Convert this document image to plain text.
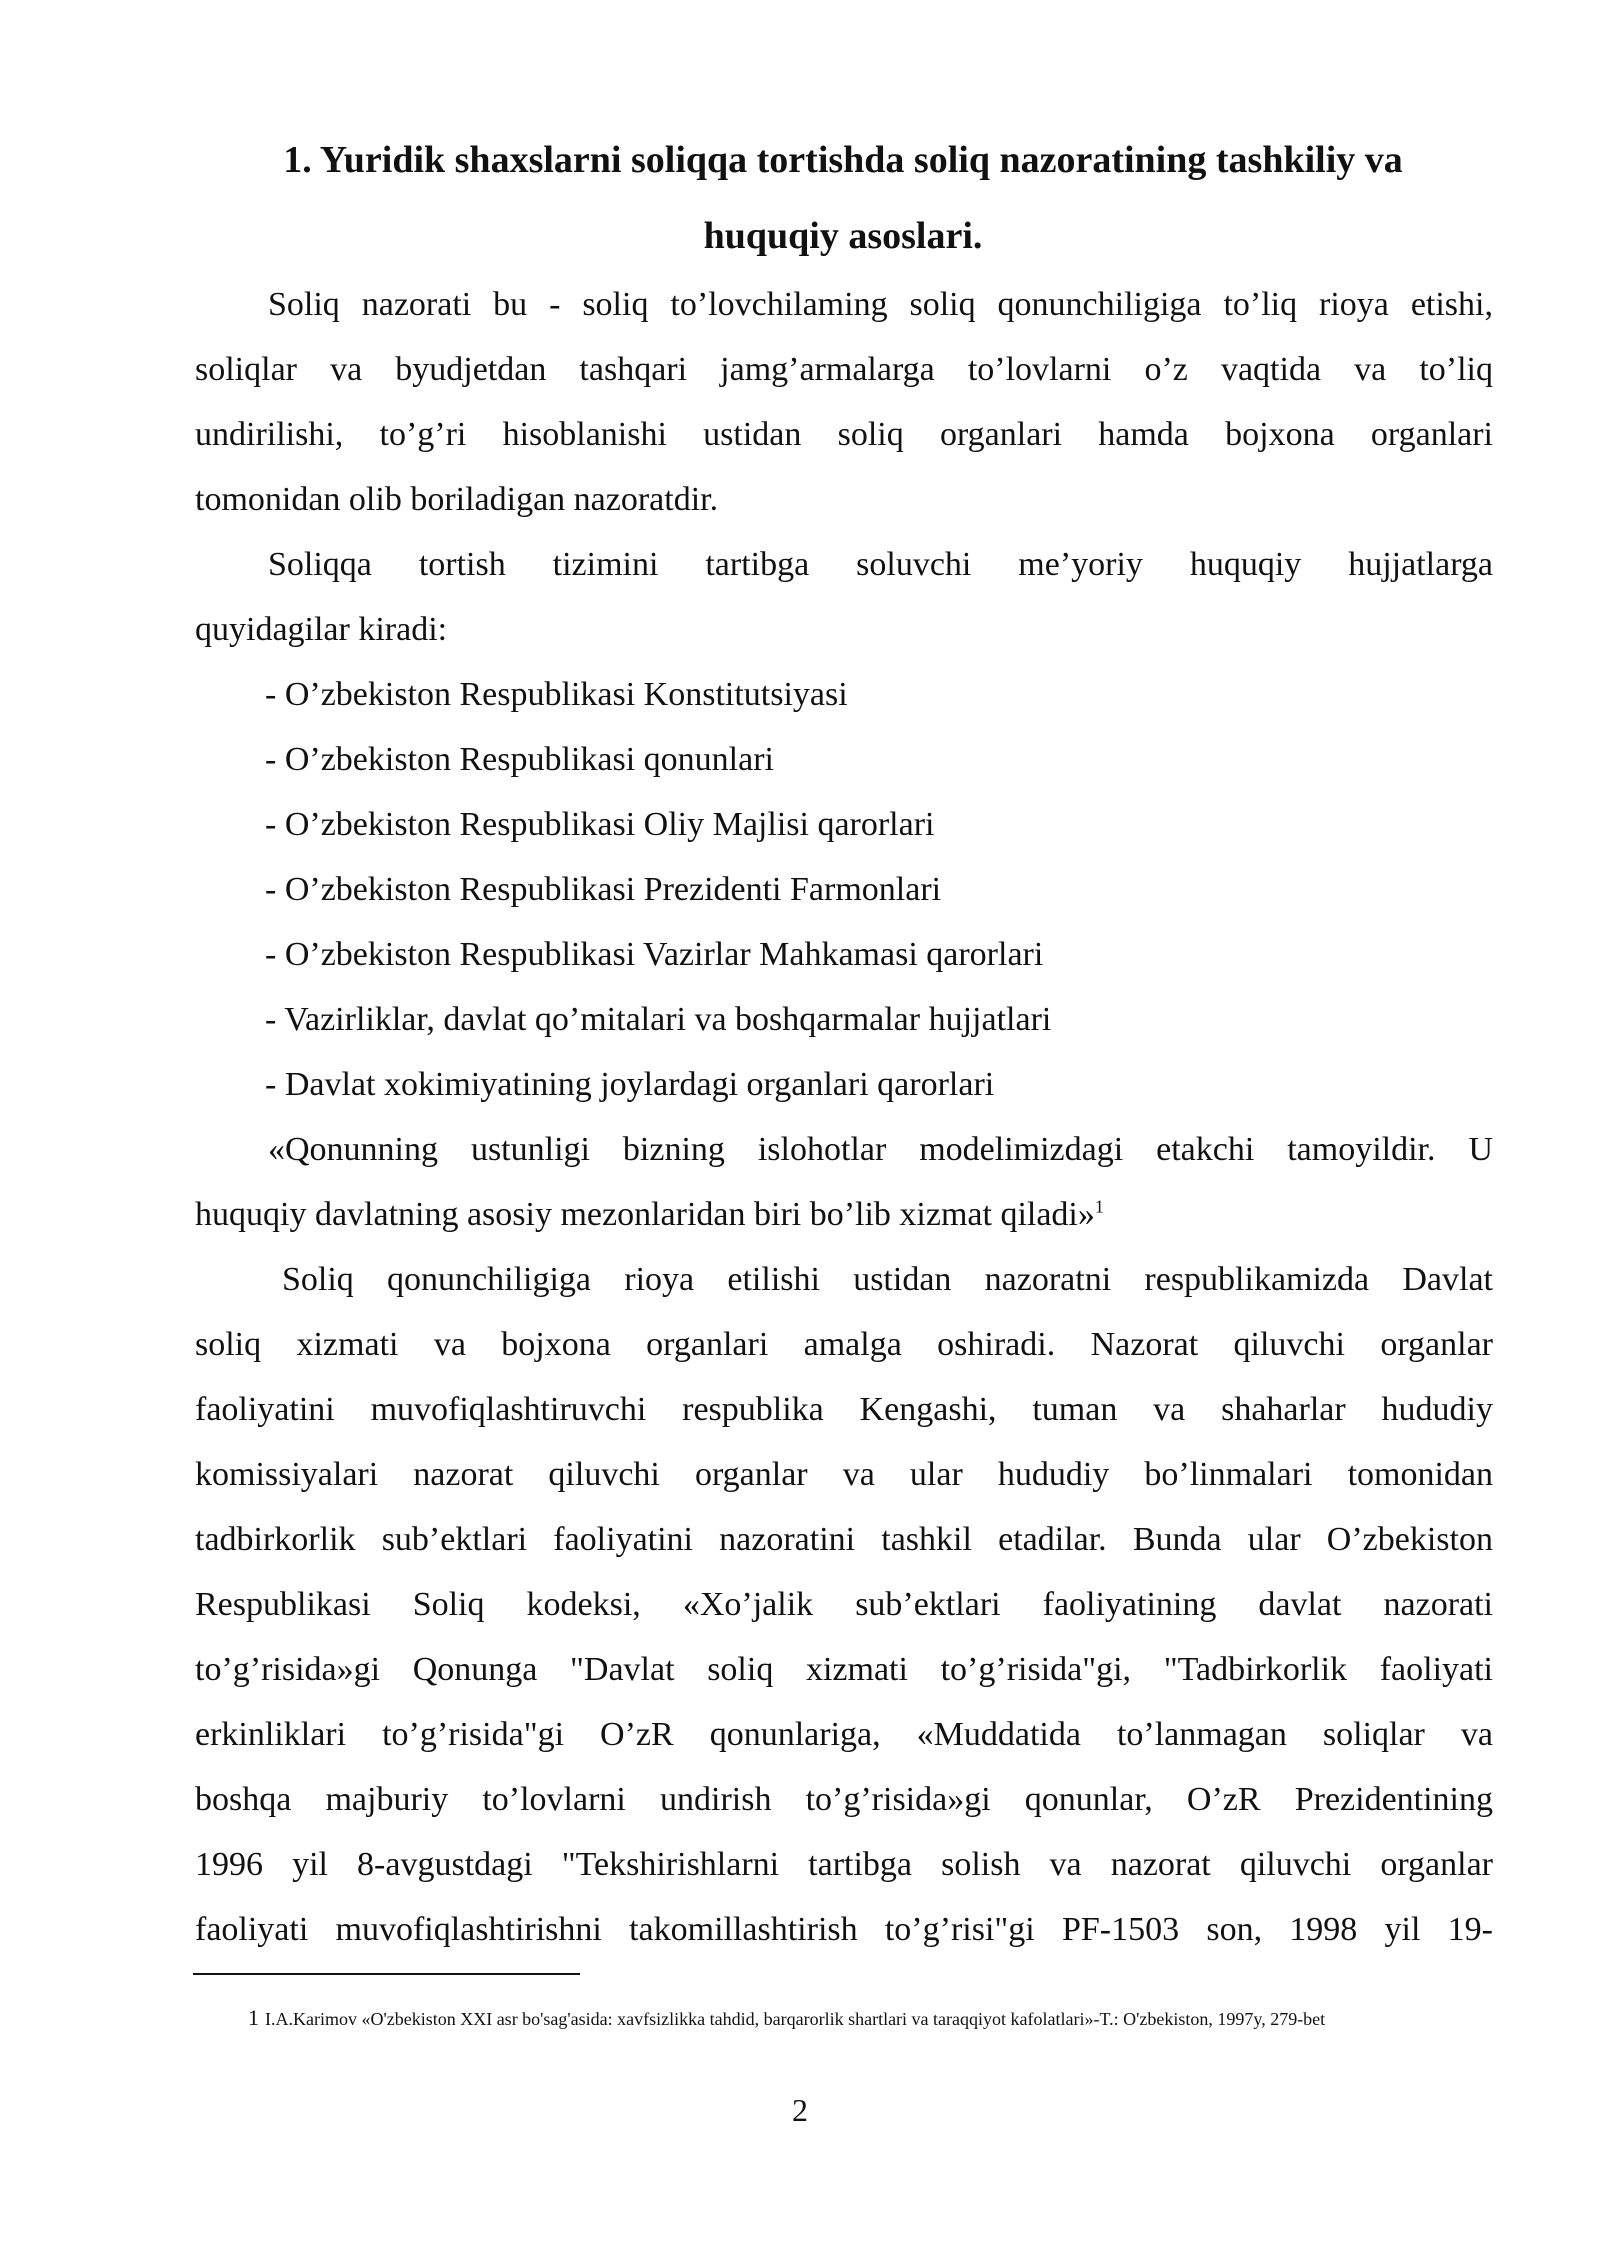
1. Yuridik shaxslarni soliqqa tortishda soliq nazoratining tashkiliy va
huquqiy asoslari.

Soliq nazorati bu - soliq to’lovchilaming soliq qonunchiligiga to’liq rioya etishi,

soliqlar va byudjetdan tashqari jamg’armalarga to’lovlarni o’z vaqtida va to’liq

undirilishi, to’g’ri hisoblanishi ustidan soliq organlari hamda bojxona organlari

tomonidan olib boriladigan nazoratdir.

Soliqqa tortish tizimini tartibga soluvchi me’yoriy huquqiy hujjatlarga

quyidagilar kiradi:

- O’zbekiston Respublikasi Konstitutsiyasi

- O’zbekiston Respublikasi qonunlari

- O’zbekiston Respublikasi Oliy Majlisi qarorlari

- O’zbekiston Respublikasi Prezidenti Farmonlari

- O’zbekiston Respublikasi Vazirlar Mahkamasi qarorlari

- Vazirliklar, davlat qo’mitalari va boshqarmalar hujjatlari

- Davlat xokimiyatining joylardagi organlari qarorlari

«Qonunning ustunligi bizning islohotlar modelimizdagi etakchi tamoyildir. U

huquqiy davlatning asosiy mezonlaridan biri bo’lib xizmat qiladi»$^1$

Soliq qonunchiligiga rioya etilishi ustidan nazoratni respublikamizda Davlat

soliq xizmati va bojxona organlari amalga oshiradi. Nazorat qiluvchi organlar

faoliyatini muvofiqlashtiruvchi respublika Kengashi, tuman va shaharlar hududiy

komissiyalari nazorat qiluvchi organlar va ular hududiy bo’linmalari tomonidan

tadbirkorlik sub’ektlari faoliyatini nazoratini tashkil etadilar. Bunda ular O’zbekiston

Respublikasi Soliq kodeksi, «Xo’jalik sub’ektlari faoliyatining davlat nazorati

to’g’risida»gi Qonunga "Davlat soliq xizmati to’g’risida"gi, "Tadbirkorlik faoliyati

erkinliklari to’g’risida"gi O’zR qonunlariga, «Muddatida to’lanmagan soliqlar va

boshqa majburiy to’lovlarni undirish to’g’risida»gi qonunlar, O’zR Prezidentining

1996 yil 8-avgustdagi "Tekshirishlarni tartibga solish va nazorat qiluvchi organlar

faoliyati muvofiqlashtirishni takomillashtirish to’g’risi"gi PF-1503 son, 1998 yil 19-

1 I.A.Karimov «O'zbekiston XXI asr bo'sag'asida: xavfsizlikka tahdid, barqarorlik shartlari va taraqqiyot kafolatlari»-T.: O'zbekiston, 1997y, 279-bet
2
